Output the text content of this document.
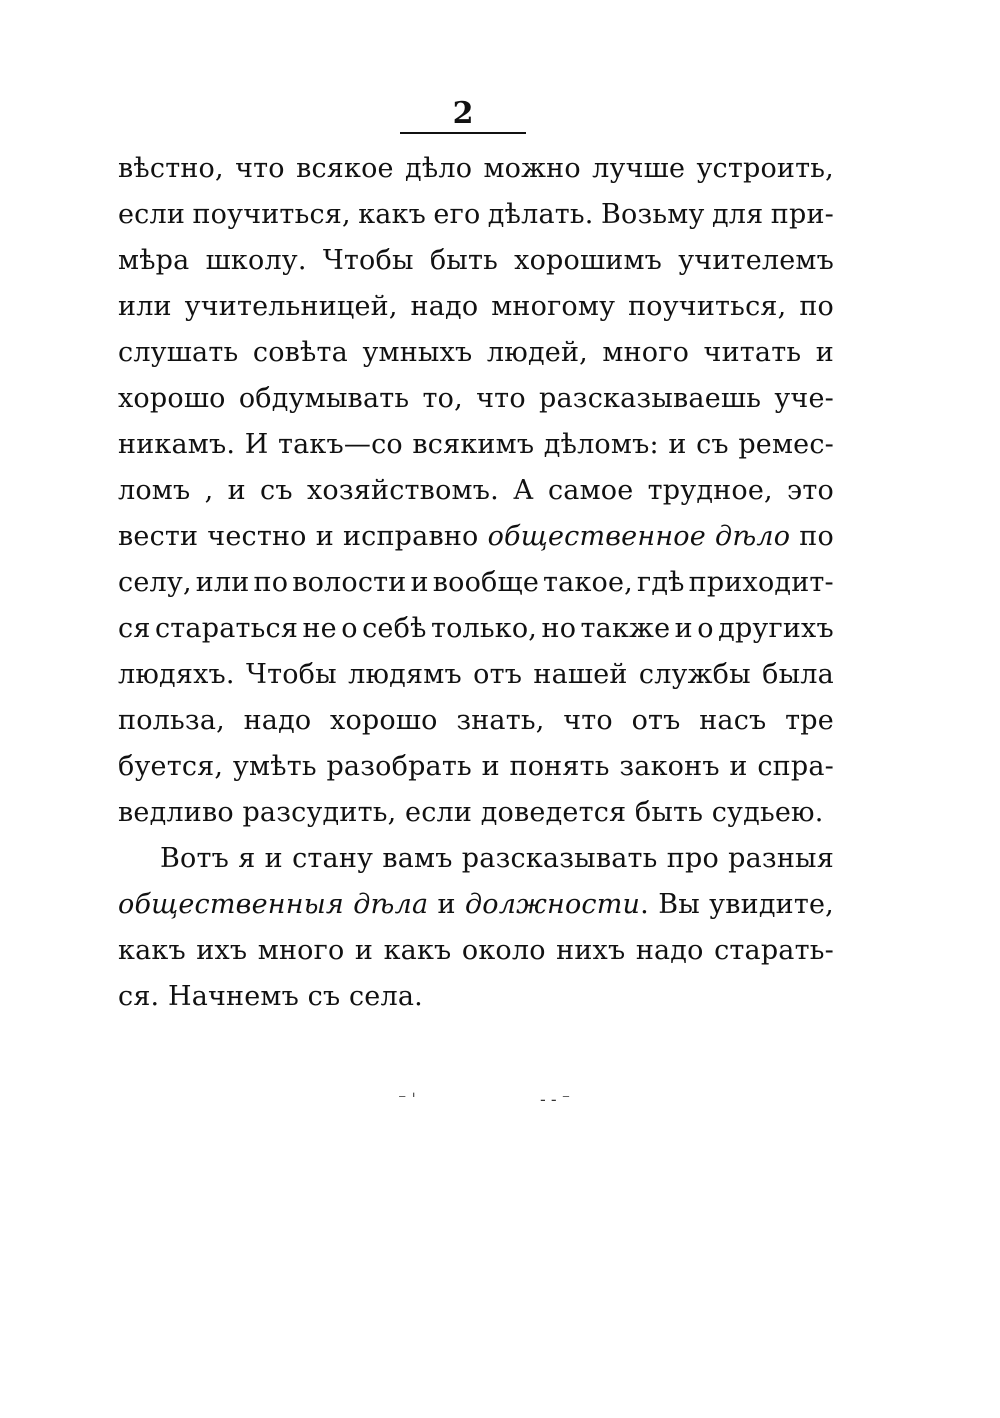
2
вѣстно, что всякое дѣло можно лучше устроить,
если поучиться, какъ его дѣлать. Возьму для при-
мѣра школу. Чтобы быть хорошимъ учителемъ
или учительницей, надо многому поучиться, по
слушать совѣта умныхъ людей, много читать и
хорошо обдумывать то, что разсказываешь уче-
никамъ. И такъ—со всякимъ дѣломъ: и съ ремес-
ломъ , и съ хозяйствомъ. А самое трудное, это
вести честно и исправно общественное дѣло по
селу, или по волости и вообще такое, гдѣ приходит-
ся стараться не о себѣ только, но также и о другихъ
людяхъ. Чтобы людямъ отъ нашей службы была
польза, надо хорошо знать, что отъ насъ тре
буется, умѣть разобрать и понять законъ и спра-
ведливо разсудить, если доведется быть судьею.
Вотъ я и стану вамъ разсказывать про разныя
общественныя дѣла и должности. Вы увидите,
какъ ихъ много и какъ около нихъ надо старать-
ся. Начнемъ съ села.
⁻ ˈ	‐ ‐ ⁻
